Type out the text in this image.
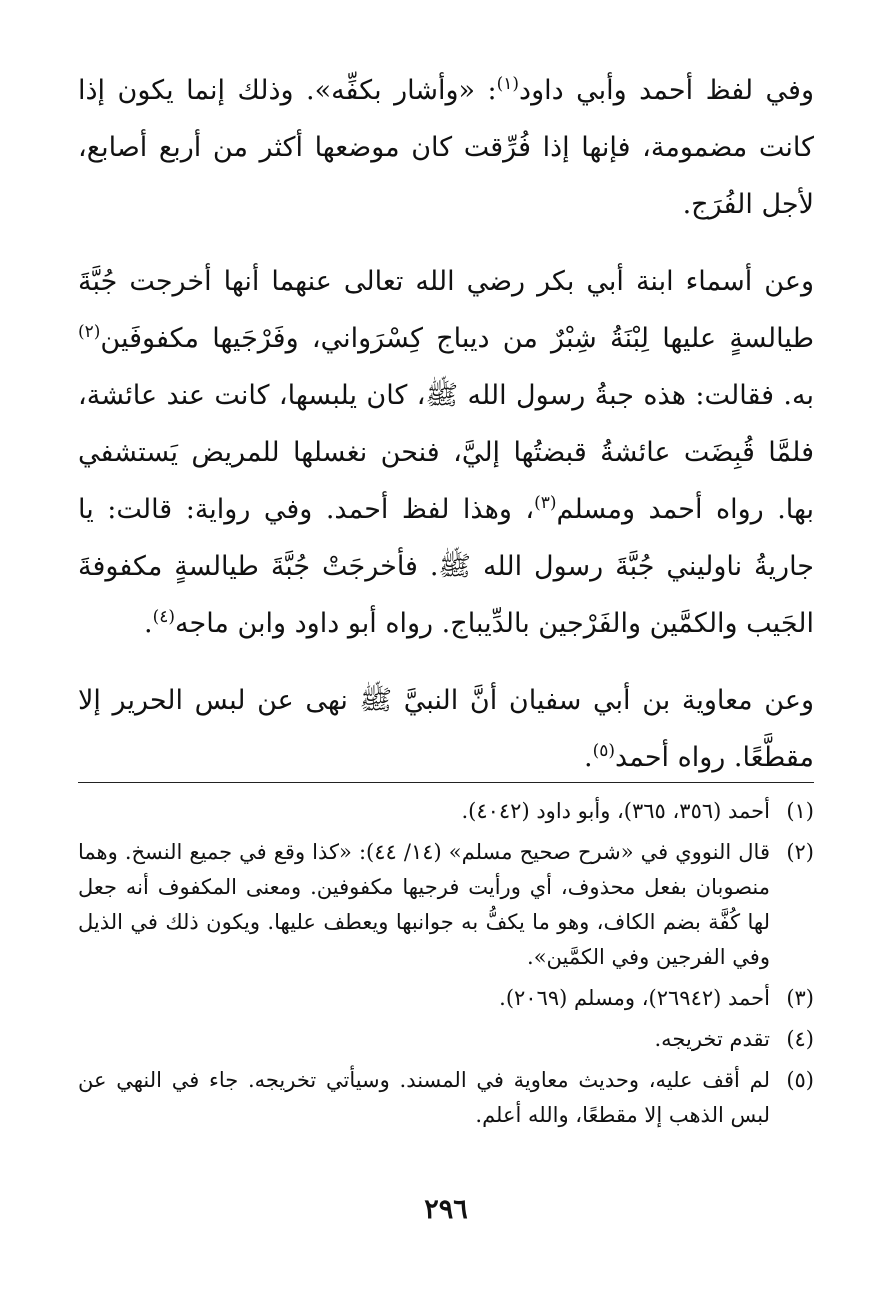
وفي لفظ أحمد وأبي داود$^{(١)}$: «وأشار بكفِّه». وذلك إنما يكون إذا كانت مضمومة، فإنها إذا فُرِّقت كان موضعها أكثر من أربع أصابع، لأجل الفُرَج.

وعن أسماء ابنة أبي بكر رضي الله تعالى عنهما أنها أخرجت جُبَّةَ طيالسةٍ عليها لِبْنَةُ شِبْرٌ من ديباج كِسْرَواني، وفَرْجَيها مكفوفَين$^{(٢)}$ به. فقالت: هذه جبةُ رسول الله ﷺ، كان يلبسها، كانت عند عائشة، فلمَّا قُبِضَت عائشةُ قبضتُها إليَّ، فنحن نغسلها للمريض يَستشفي بها. رواه أحمد ومسلم$^{(٣)}$، وهذا لفظ أحمد. وفي رواية: قالت: يا جاريةُ ناوليني جُبَّةَ رسول الله ﷺ. فأخرجَتْ جُبَّةَ طيالسةٍ مكفوفةَ الجَيب والكمَّين والفَرْجين بالدِّيباج. رواه أبو داود وابن ماجه$^{(٤)}$.

وعن معاوية بن أبي سفيان أنَّ النبيَّ ﷺ نهى عن لبس الحرير إلا مقطَّعًا. رواه أحمد$^{(٥)}$.

(١)
أحمد (٣٥٦، ٣٦٥)، وأبو داود (٤٠٤٢).
(٢)
قال النووي في «شرح صحيح مسلم» (١٤/ ٤٤): «كذا وقع في جميع النسخ. وهما منصوبان بفعل محذوف، أي ورأيت فرجيها مكفوفين. ومعنى المكفوف أنه جعل لها كُفَّة بضم الكاف، وهو ما يكفُّ به جوانبها ويعطف عليها. ويكون ذلك في الذيل وفي الفرجين وفي الكمَّين».
(٣)
أحمد (٢٦٩٤٢)، ومسلم (٢٠٦٩).
(٤)
تقدم تخريجه.
(٥)
لم أقف عليه، وحديث معاوية في المسند. وسيأتي تخريجه. جاء في النهي عن لبس الذهب إلا مقطعًا، والله أعلم.
٢٩٦
